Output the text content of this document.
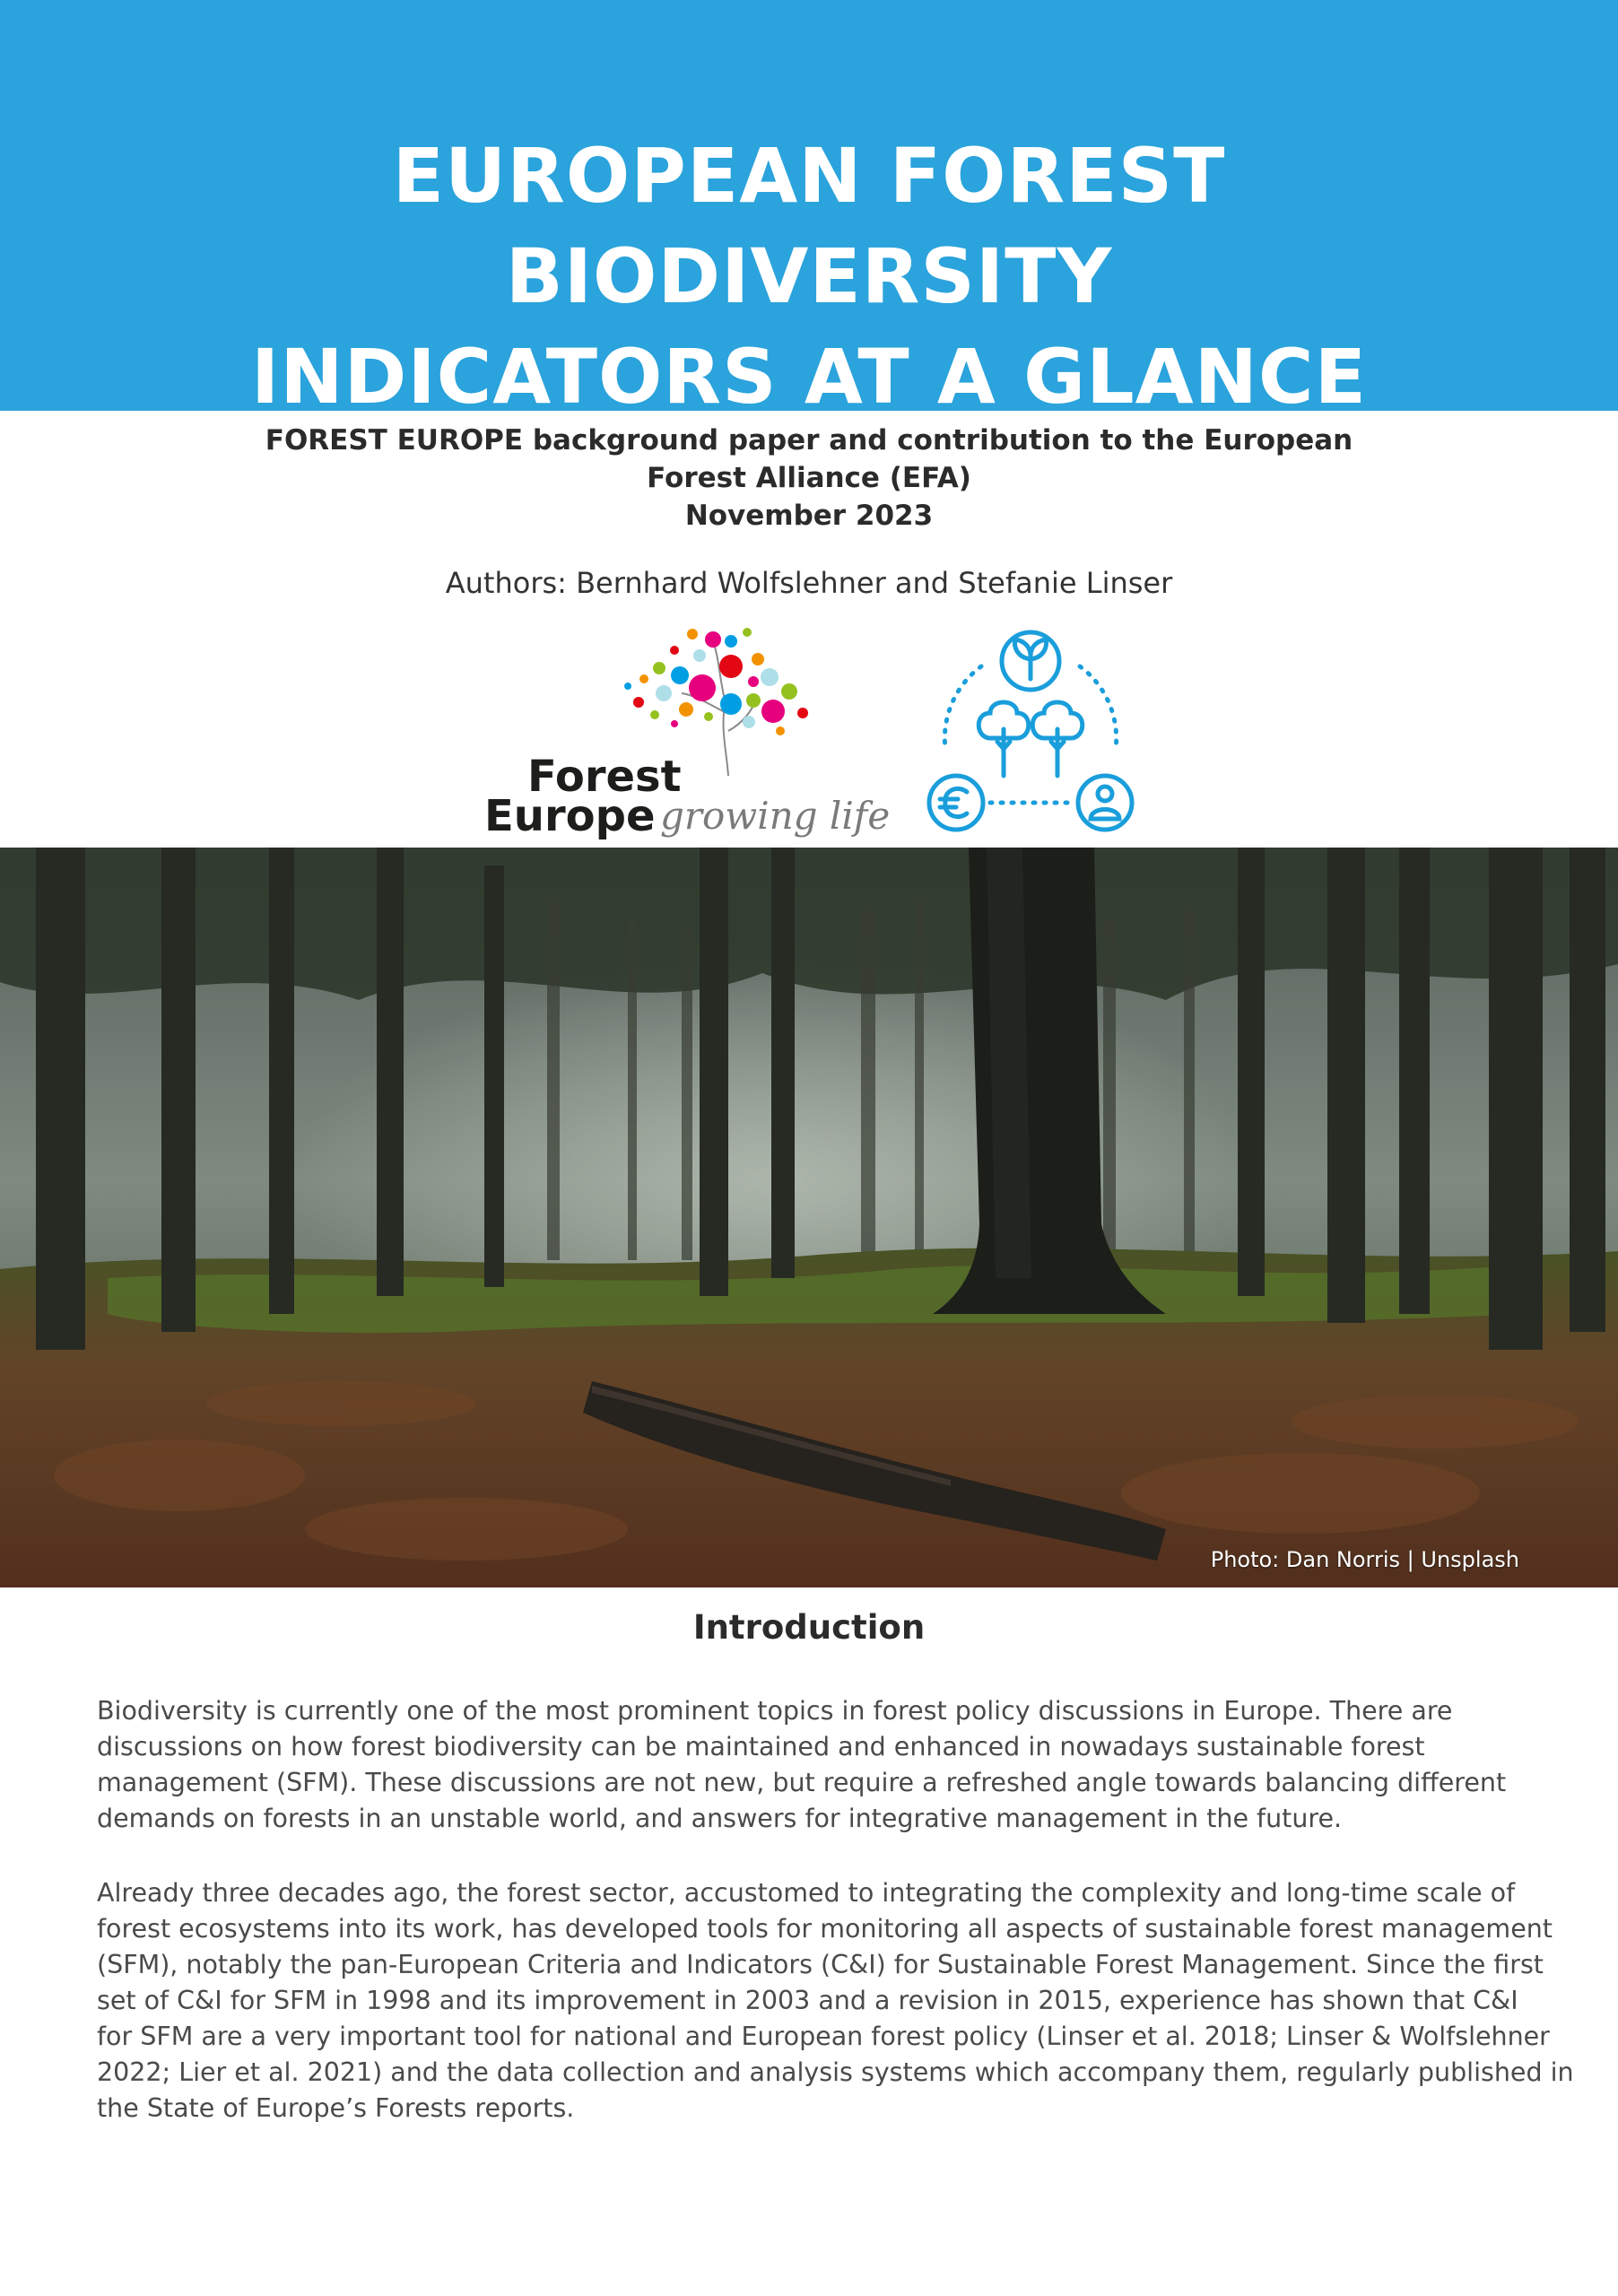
EUROPEAN FOREST
BIODIVERSITY
INDICATORS AT A GLANCE
FOREST EUROPE background paper and contribution to the European
Forest Alliance (EFA)
November 2023
Authors: Bernhard Wolfslehner and Stefanie Linser
Forest
Europe growing life
Photo: Dan Norris | Unsplash
Introduction
Biodiversity is currently one of the most prominent topics in forest policy discussions in Europe. There are
discussions on how forest biodiversity can be maintained and enhanced in nowadays sustainable forest
management (SFM). These discussions are not new, but require a refreshed angle towards balancing different
demands on forests in an unstable world, and answers for integrative management in the future.
Already three decades ago, the forest sector, accustomed to integrating the complexity and long-time scale of
forest ecosystems into its work, has developed tools for monitoring all aspects of sustainable forest management
(SFM), notably the pan-European Criteria and Indicators (C&I) for Sustainable Forest Management. Since the first
set of C&I for SFM in 1998 and its improvement in 2003 and a revision in 2015, experience has shown that C&I
for SFM are a very important tool for national and European forest policy (Linser et al. 2018; Linser & Wolfslehner
2022; Lier et al. 2021) and the data collection and analysis systems which accompany them, regularly published in
the State of Europe’s Forests reports.
